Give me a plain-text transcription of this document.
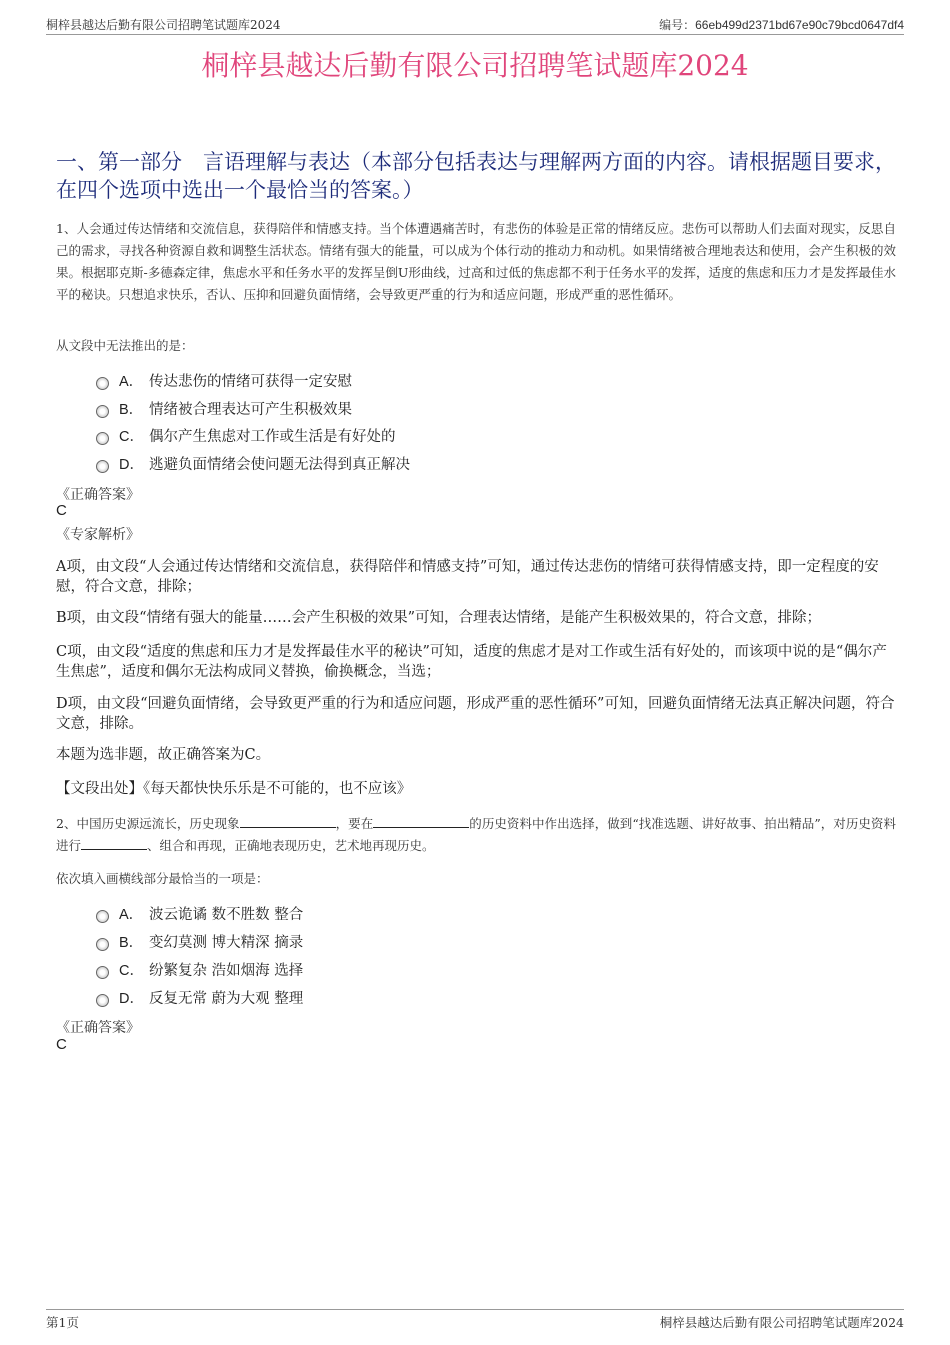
桐梓县越达后勤有限公司招聘笔试题库2024	编号：66eb499d2371bd67e90c79bcd0647df4
桐梓县越达后勤有限公司招聘笔试题库2024
一、第一部分　言语理解与表达（本部分包括表达与理解两方面的内容。请根据题目要求，在四个选项中选出一个最恰当的答案。）
1、人会通过传达情绪和交流信息，获得陪伴和情感支持。当个体遭遇痛苦时，有悲伤的体验是正常的情绪反应。悲伤可以帮助人们去面对现实，反思自己的需求，寻找各种资源自救和调整生活状态。情绪有强大的能量，可以成为个体行动的推动力和动机。如果情绪被合理地表达和使用，会产生积极的效果。根据耶克斯-多德森定律，焦虑水平和任务水平的发挥呈倒U形曲线，过高和过低的焦虑都不利于任务水平的发挥，适度的焦虑和压力才是发挥最佳水平的秘诀。只想追求快乐，否认、压抑和回避负面情绪，会导致更严重的行为和适应问题，形成严重的恶性循环。
从文段中无法推出的是：
A． 传达悲伤的情绪可获得一定安慰
B． 情绪被合理表达可产生积极效果
C． 偶尔产生焦虑对工作或生活是有好处的
D． 逃避负面情绪会使问题无法得到真正解决
《正确答案》
C
《专家解析》
A项，由文段“人会通过传达情绪和交流信息，获得陪伴和情感支持”可知，通过传达悲伤的情绪可获得情感支持，即一定程度的安慰，符合文意，排除；
B项，由文段“情绪有强大的能量……会产生积极的效果”可知，合理表达情绪，是能产生积极效果的，符合文意，排除；
C项，由文段“适度的焦虑和压力才是发挥最佳水平的秘诀”可知，适度的焦虑才是对工作或生活有好处的，而该项中说的是“偶尔产生焦虑”，适度和偶尔无法构成同义替换，偷换概念，当选；
D项，由文段“回避负面情绪，会导致更严重的行为和适应问题，形成严重的恶性循环”可知，回避负面情绪无法真正解决问题，符合文意，排除。
本题为选非题，故正确答案为C。
【文段出处】《每天都快快乐乐是不可能的，也不应该》
2、中国历史源远流长，历史现象	，要在	的历史资料中作出选择，做到“找准选题、讲好故事、拍出精品”，对历史资料进行	、组合和再现，正确地表现历史，艺术地再现历史。
依次填入画横线部分最恰当的一项是：
A． 波云诡谲 数不胜数 整合
B． 变幻莫测 博大精深 摘录
C． 纷繁复杂 浩如烟海 选择
D． 反复无常 蔚为大观 整理
《正确答案》
C
第1页	桐梓县越达后勤有限公司招聘笔试题库2024
